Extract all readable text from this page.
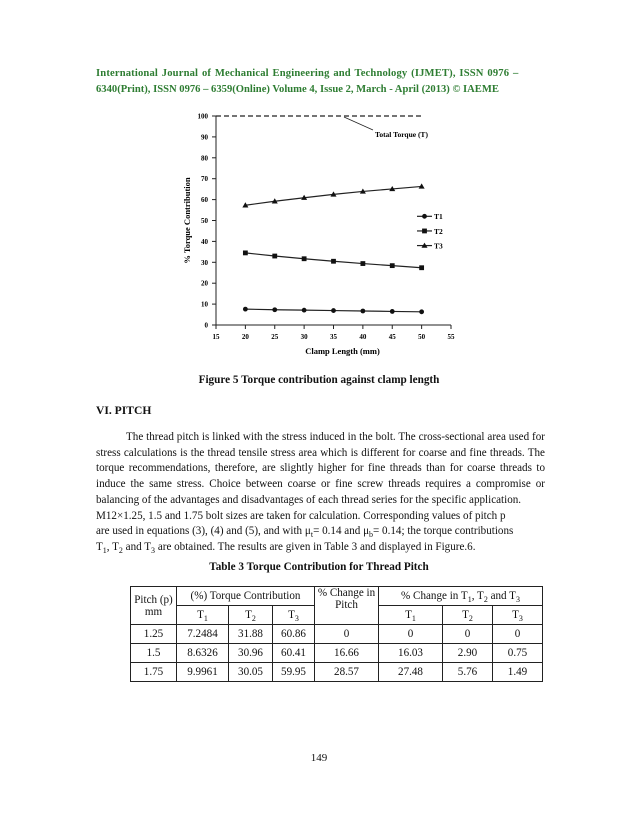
International Journal of Mechanical Engineering and Technology (IJMET), ISSN 0976 –
6340(Print), ISSN 0976 – 6359(Online) Volume 4, Issue 2, March - April (2013) © IAEME
15	20	25	30	35	40	45	50	55
0
10
20
30
40
50
60
70
80
90
100
Clamp Length (mm)
% Torque Contribution
Total Torque (T)
T1
T2
T3
Figure 5 Torque contribution against clamp length
VI. PITCH

The thread pitch is linked with the stress induced in the bolt. The cross-sectional area used for stress calculations is the thread tensile stress area which is different for coarse and fine threads. The torque recommendations, therefore, are slightly higher for fine threads than for coarse threads to induce the same stress. Choice between coarse or fine screw threads requires a compromise or balancing of the advantages and disadvantages of each thread series for the specific application.

M12×1.25, 1.5 and 1.75 bolt sizes are taken for calculation. Corresponding values of pitch p

are used in equations (3), (4) and (5), and with $\mu_t= 0.14$ and $\mu_b= 0.14$; the torque contributions

$T_1$, $T_2$ and $T_3$ are obtained. The results are given in Table 3 and displayed in Figure.6.

Table 3 Torque Contribution for Thread Pitch
Pitch (p) mm	(%) Torque Contribution			% Change in Pitch	% Change in $T_1$, $T_2$ and $T_3$
	$T_1$	$T_2$	$T_3$		$T_1$	$T_2$	$T_3$
1.25	7.2484	31.88	60.86	0	0	0	0
1.5	8.6326	30.96	60.41	16.66	16.03	2.90	0.75
1.75	9.9961	30.05	59.95	28.57	27.48	5.76	1.49
149
